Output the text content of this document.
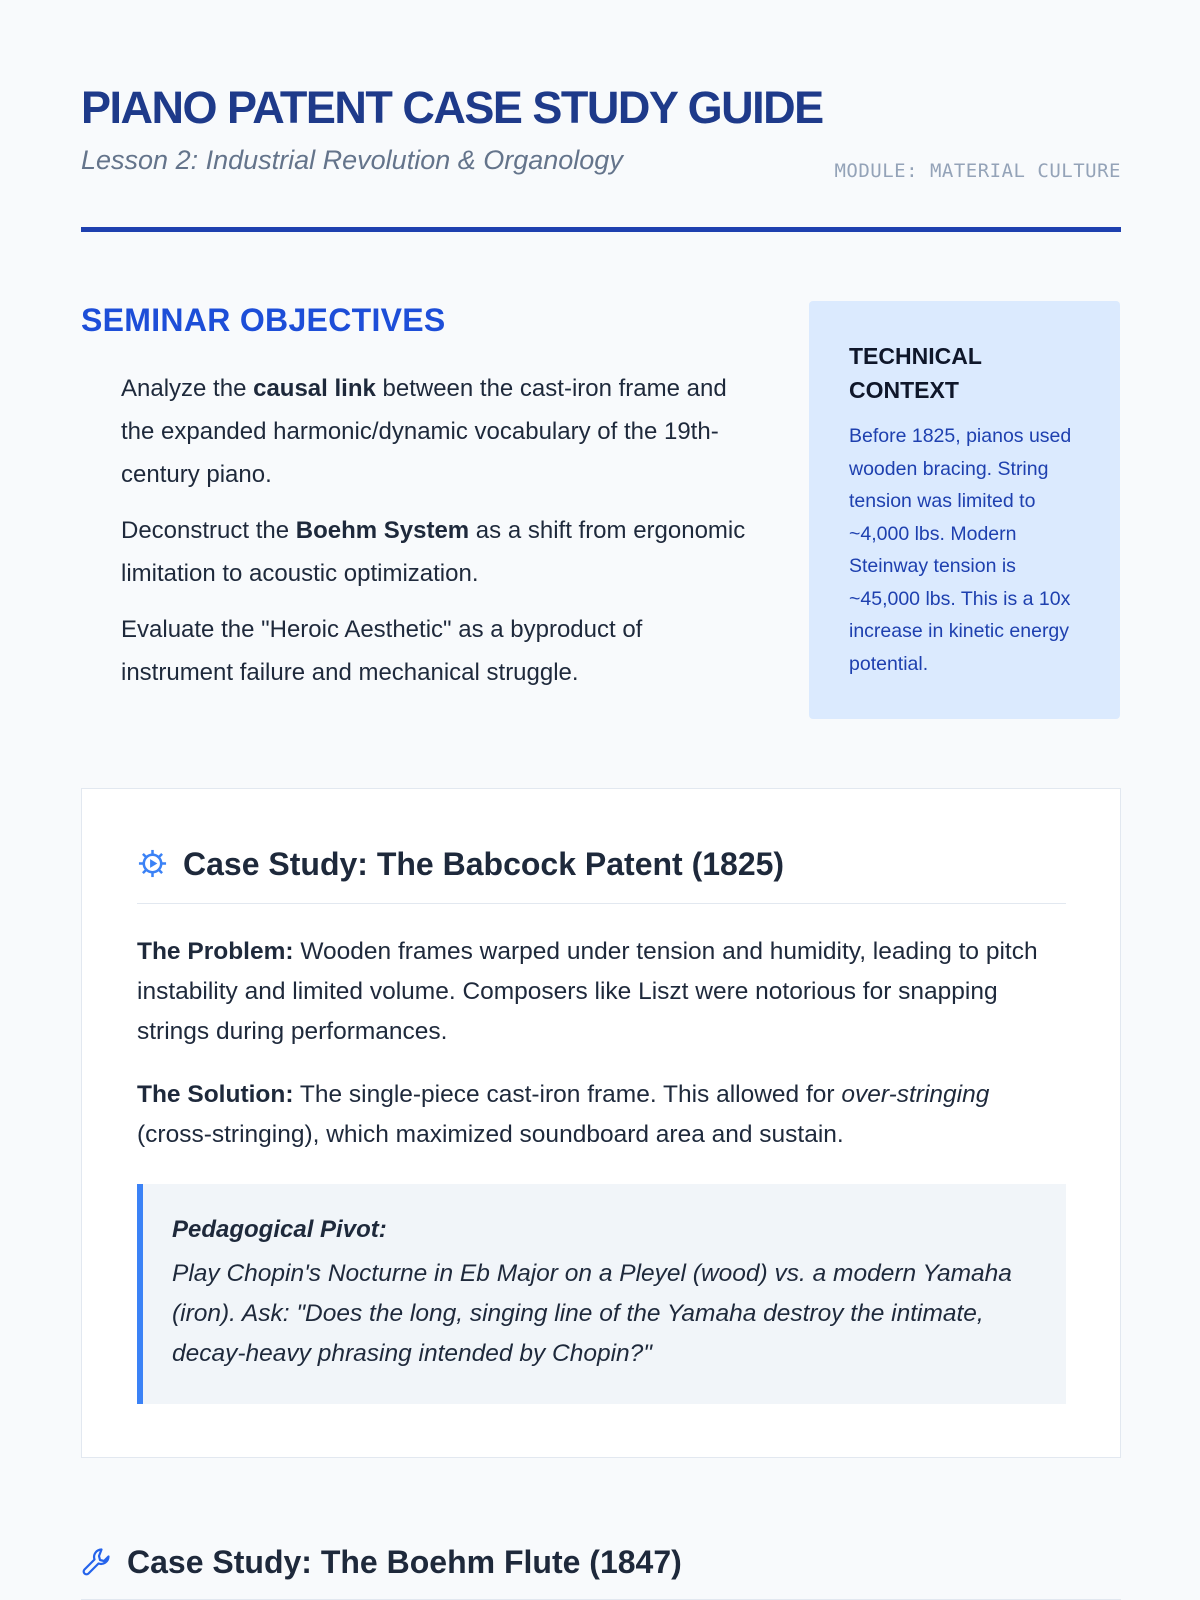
PIANO PATENT CASE STUDY GUIDE
Lesson 2: Industrial Revolution & Organology	MODULE: MATERIAL CULTURE
SEMINAR OBJECTIVES
Analyze the causal link between the cast-iron frame and the expanded harmonic/dynamic vocabulary of the 19th-century piano.
Deconstruct the Boehm System as a shift from ergonomic limitation to acoustic optimization.
Evaluate the "Heroic Aesthetic" as a byproduct of instrument failure and mechanical struggle.
TECHNICAL CONTEXT

Before 1825, pianos used wooden bracing. String tension was limited to ~4,000 lbs. Modern Steinway tension is ~45,000 lbs. This is a 10x increase in kinetic energy potential.

Case Study: The Babcock Patent (1825)

The Problem: Wooden frames warped under tension and humidity, leading to pitch instability and limited volume. Composers like Liszt were notorious for snapping strings during performances.

The Solution: The single-piece cast-iron frame. This allowed for over-stringing (cross-stringing), which maximized soundboard area and sustain.

Pedagogical Pivot:

Play Chopin's Nocturne in Eb Major on a Pleyel (wood) vs. a modern Yamaha (iron). Ask: "Does the long, singing line of the Yamaha destroy the intimate, decay-heavy phrasing intended by Chopin?"

Case Study: The Boehm Flute (1847)
